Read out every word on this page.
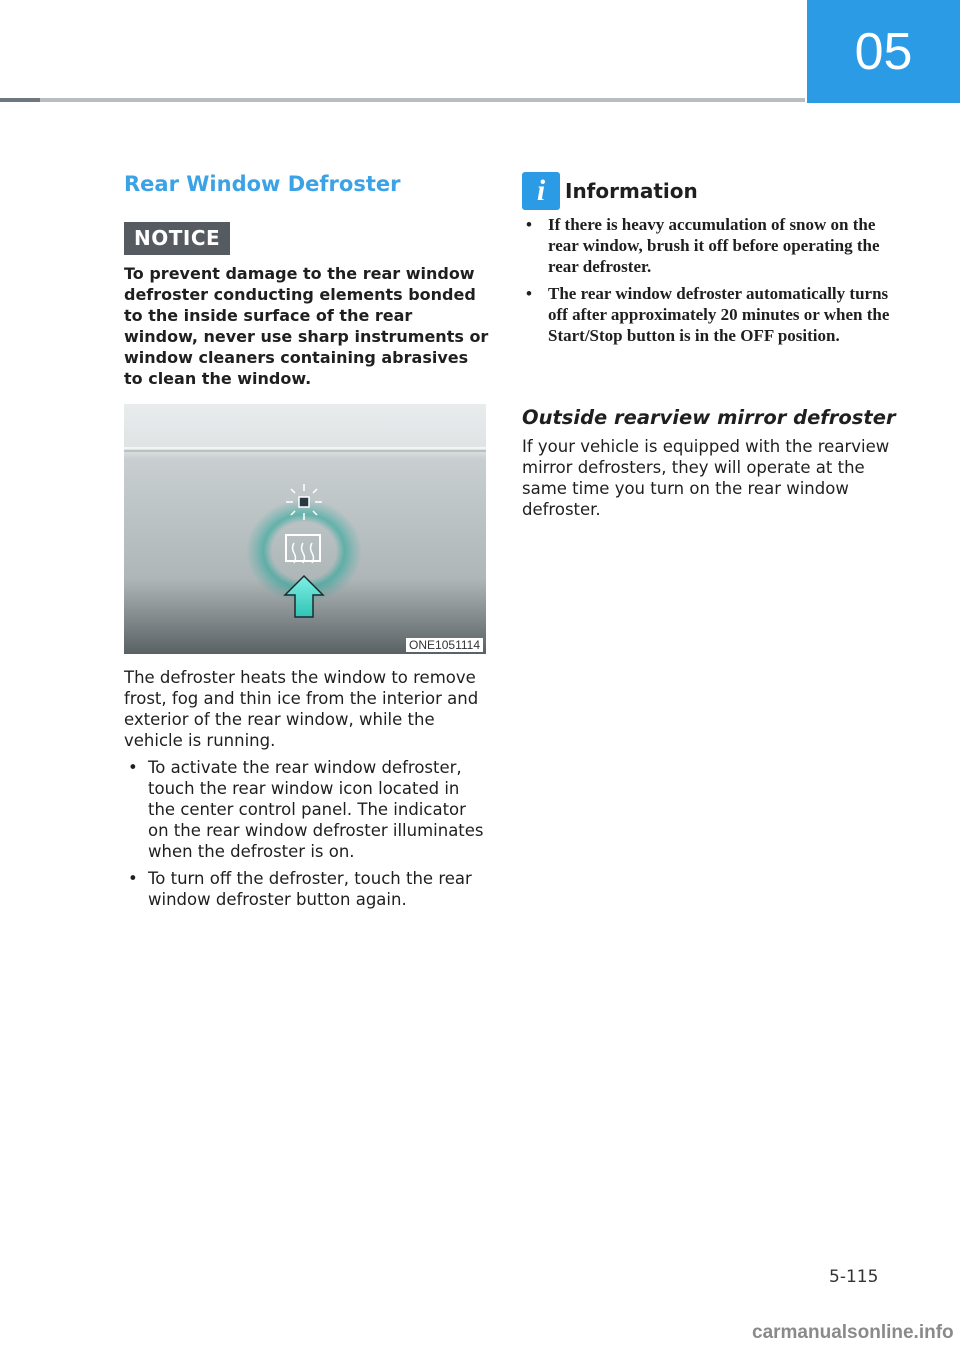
05
Rear Window Defroster
NOTICE
To prevent damage to the rear window defroster conducting elements bonded to the inside surface of the rear window, never use sharp instruments or window cleaners containing abrasives to clean the window.
ONE1051114
The defroster heats the window to remove frost, fog and thin ice from the interior and exterior of the rear window, while the vehicle is running.
• To activate the rear window defroster, touch the rear window icon located in the center control panel. The indicator on the rear window defroster illuminates when the defroster is on.
• To turn off the defroster, touch the rear window defroster button again.
i Information
• If there is heavy accumulation of snow on the rear window, brush it off before operating the rear defroster.
• The rear window defroster automatically turns off after approximately 20 minutes or when the Start/Stop button is in the OFF position.
Outside rearview mirror defroster
If your vehicle is equipped with the rearview mirror defrosters, they will operate at the same time you turn on the rear window defroster.
5-115
carmanualsonline.info
